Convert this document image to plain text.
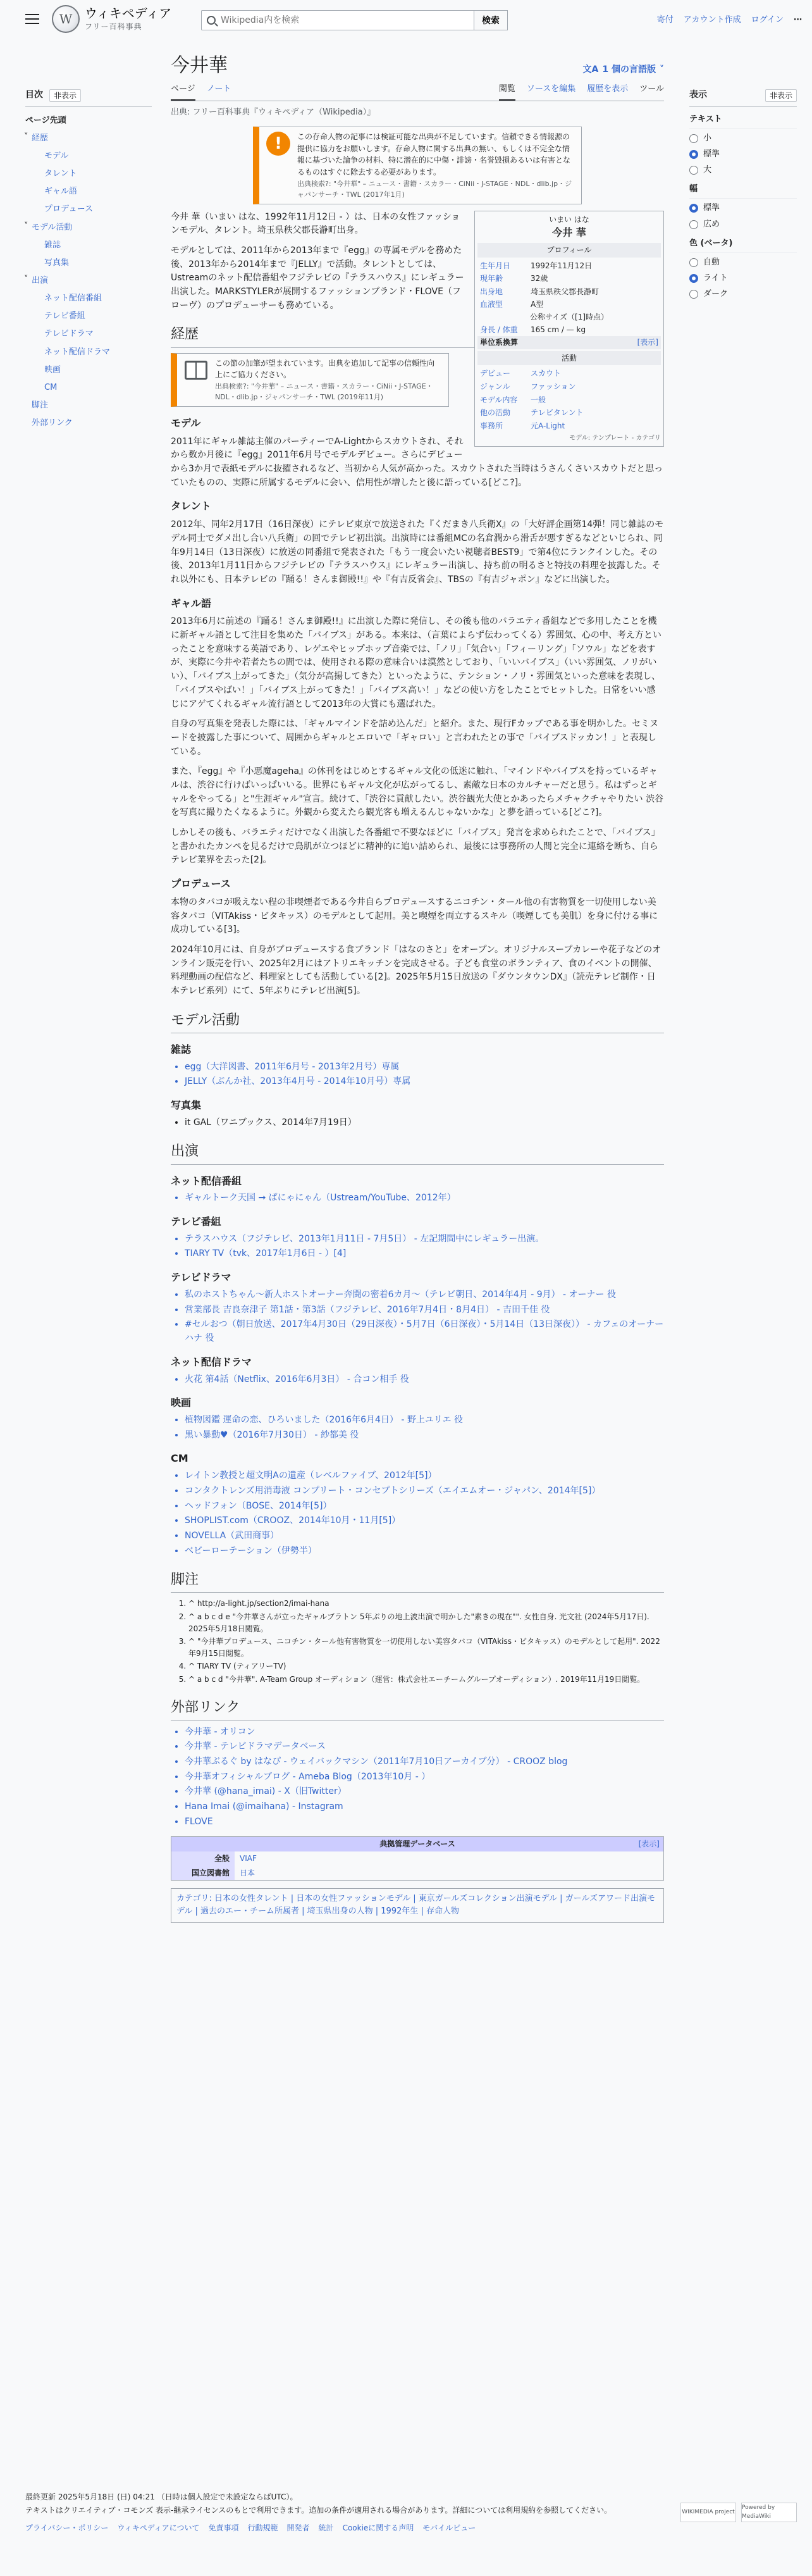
W ウィキペディア
フリー百科事典
Wikipedia内を検索
検索	寄付 アカウント作成 ログイン ⋯
目次	非表示
ページ先頭
˅ 経歴
モデル
タレント
ギャル語
プロデュース
˅ モデル活動
雑誌
写真集
˅ 出演
ネット配信番組
テレビ番組
テレビドラマ
ネット配信ドラマ
映画
CM
脚注
外部リンク
今井華	文A 1 個の言語版 ˅
ページ ノート	閲覧 ソースを編集 履歴を表示 ツール
出典: フリー百科事典『ウィキペディア（Wikipedia）』
!	この存命人物の記事には検証可能な出典が不足しています。信頼できる情報源の提供に協力をお願いします。存命人物に関する出典の無い、もしくは不完全な情報に基づいた論争の材料、特に潜在的に中傷・誹謗・名誉毀損あるいは有害となるものはすぐに除去する必要があります。
出典検索?: "今井華" – ニュース・書籍・スカラー・CiNii・J-STAGE・NDL・dlib.jp・ジャパンサーチ・TWL (2017年1月)
いまい はな
今井 華
プロフィール
生年月日	1992年11月12日
現年齢	32歳
出身地	埼玉県秩父郡長瀞町
血液型	A型
公称サイズ（[1]時点）
身長 / 体重	165 cm / — kg
単位系換算	[表示]
活動
デビュー	スカウト
ジャンル	ファッション
モデル内容	一般
他の活動	テレビタレント
事務所	元A-Light
モデル: テンプレート - カテゴリ

今井 華（いまい はな、1992年11月12日 - ）は、日本の女性ファッションモデル、タレント。埼玉県秩父郡長瀞町出身。

モデルとしては、2011年から2013年まで『egg』の専属モデルを務めた後、2013年から2014年まで『JELLY』で活動。タレントとしては、Ustreamのネット配信番組やフジテレビの『テラスハウス』にレギュラー出演した。MARKSTYLERが展開するファッションブランド・FLOVE（フローヴ）のプロデューサーも務めている。

経歴
この節の加筆が望まれています。出典を追加して記事の信頼性向上にご協力ください。
出典検索?: "今井華" – ニュース・書籍・スカラー・CiNii・J-STAGE・NDL・dlib.jp・ジャパンサーチ・TWL (2019年11月)
モデル

2011年にギャル雑誌主催のパーティーでA-Lightからスカウトされ、それから数か月後に『egg』2011年6月号でモデルデビュー。さらにデビューから3か月で表紙モデルに抜擢されるなど、当初から人気が高かった。スカウトされた当時はうさんくさいスカウトだと思っていたものの、実際に所属するモデルに会い、信用性が増したと後に語っている[どこ?]。

タレント

2012年、同年2月17日（16日深夜）にテレビ東京で放送された『くだまき八兵衛X』の「大好評企画第14弾！同じ雑誌のモデル同士でダメ出し合い八兵衛」の回でテレビ初出演。出演時には番組MCの名倉潤から滑舌が悪すぎるなどといじられ、同年9月14日（13日深夜）に放送の同番組で発表された「もう一度会いたい視聴者BEST9」で第4位にランクインした。その後、2013年1月11日からフジテレビの『テラスハウス』にレギュラー出演し、持ち前の明るさと特技の料理を披露した。それ以外にも、日本テレビの『踊る！さんま御殿!!』や『有吉反省会』、TBSの『有吉ジャポン』などに出演した。

ギャル語

2013年6月に前述の『踊る！さんま御殿!!』に出演した際に発信し、その後も他のバラエティ番組などで多用したことを機に新ギャル語として注目を集めた「バイブス」がある。本来は、（言葉によらず伝わってくる）雰囲気、心の中、考え方といったことを意味する英語であり、レゲエやヒップホップ音楽では、「ノリ」「気合い」「フィーリング」「ソウル」などを表すが、実際に今井や若者たちの間では、使用される際の意味合いは漠然としており、「いいバイブス」（いい雰囲気、ノリがいい）、「バイブス上がってきた」（気分が高揚してきた）といったように、テンション・ノリ・雰囲気といった意味を表現し、「バイブスやばい！」「バイブス上がってきた！」「バイブス高い！」などの使い方をしたことでヒットした。日常をいい感じにアゲてくれるギャル流行語として2013年の大賞にも選ばれた。

自身の写真集を発表した際には、「ギャルマインドを詰め込んだ」と紹介。また、現行Fカップである事を明かした。セミヌードを披露した事について、周囲からギャルとエロいで「ギャロい」と言われたとの事で「バイブスドッカン！」と表現している。

また、『egg』や『小悪魔ageha』の休刊をはじめとするギャル文化の低迷に触れ、「マインドやバイブスを持っているギャルは、渋谷に行けばいっぱいいる。世界にもギャル文化が広がってるし、素敵な日本のカルチャーだと思う。私はずっとギャルをやってる」と"生涯ギャル"宣言。続けて、「渋谷に貢献したい。渋谷観光大使とかあったらメチャクチャやりたい 渋谷を写真に撮りたくなるように。外観から変えたら観光客も増えるんじゃないかな」と夢を語っている[どこ?]。

しかしその後も、バラエティだけでなく出演した各番組で不要なほどに「バイブス」発言を求められたことで、「バイブス」と書かれたカンペを見るだけで鳥肌が立つほどに精神的に追い詰められ、最後には事務所の人間と完全に連絡を断ち、自らテレビ業界を去った[2]。

プロデュース

本物のタバコが吸えない程の非喫煙者である今井自らプロデュースするニコチン・タール他の有害物質を一切使用しない美容タバコ（VITAkiss・ビタキッス）のモデルとして起用。美と喫煙を両立するスキル（喫煙しても美肌）を身に付ける事に成功している[3]。

2024年10月には、自身がプロデュースする食ブランド「はなのさと」をオープン。オリジナルスープカレーや花子などのオンライン販売を行い、2025年2月にはアトリエキッチンを完成させる。子ども食堂のボランティア、食のイベントの開催、料理動画の配信など、料理家としても活動している[2]。2025年5月15日放送の『ダウンタウンDX』（読売テレビ制作・日本テレビ系列）にて、5年ぶりにテレビ出演[5]。

モデル活動
雑誌
• egg（大洋図書、2011年6月号 - 2013年2月号）専属
• JELLY（ぶんか社、2013年4月号 - 2014年10月号）専属
写真集
• it GAL（ワニブックス、2014年7月19日）
出演
ネット配信番組
• ギャルトーク天国 → ぱにゃにゃん（Ustream/YouTube、2012年）
テレビ番組
• テラスハウス（フジテレビ、2013年1月11日 - 7月5日） - 左記期間中にレギュラー出演。
• TIARY TV（tvk、2017年1月6日 - ）[4]
テレビドラマ
• 私のホストちゃん〜新人ホストオーナー奔闘の密着6カ月〜（テレビ朝日、2014年4月 - 9月） - オーナー 役
• 営業部長 吉良奈津子 第1話・第3話（フジテレビ、2016年7月4日・8月4日） - 吉田千佳 役
• #セルおつ（朝日放送、2017年4月30日（29日深夜）・5月7日（6日深夜）・5月14日（13日深夜）） - カフェのオーナーハナ 役
ネット配信ドラマ
• 火花 第4話（Netflix、2016年6月3日） - 合コン相手 役
映画
• 植物図鑑 運命の恋、ひろいました（2016年6月4日） - 野上ユリエ 役
• 黒い暴動♥（2016年7月30日） - 紗都美 役
CM
• レイトン教授と超文明Aの遺産（レベルファイブ、2012年[5]）
• コンタクトレンズ用消毒液 コンプリート・コンセプトシリーズ（エイエムオー・ジャパン、2014年[5]）
• ヘッドフォン（BOSE、2014年[5]）
• SHOPLIST.com（CROOZ、2014年10月・11月[5]）
• NOVELLA（武田商事）
• ベビーローテーション（伊勢半）
脚注
1. ^ http://a-light.jp/section2/imai-hana
2. ^ a b c d e "今井華さんが立ったギャルブラトン 5年ぶりの地上波出演で明かした"素きの現在"". 女性自身. 光文社 (2024年5月17日). 2025年5月18日閲覧。
3. ^ "今井華プロデュース、ニコチン・タール他有害物質を一切使用しない美容タバコ（VITAkiss・ビタキッス）のモデルとして起用". 2022年9月15日閲覧。
4. ^ TIARY TV (ティアリーTV)
5. ^ a b c d "今井華". A-Team Group オーディション（運営：株式会社エーチームグループオーディション）. 2019年11月19日閲覧。
外部リンク
• 今井華 - オリコン
• 今井華 - テレビドラマデータベース
• 今井華ぶるぐ by はなぴ - ウェイバックマシン（2011年7月10日アーカイブ分） - CROOZ blog
• 今井華オフィシャルブログ - Ameba Blog（2013年10月 - ）
• 今井華 (@hana_imai) - X（旧Twitter）
• Hana Imai (@imaihana) - Instagram
• FLOVE
典拠管理データベース	[表示]
全般	VIAF
国立図書館	日本
カテゴリ: 日本の女性タレント | 日本の女性ファッションモデル | 東京ガールズコレクション出演モデル | ガールズアワード出演モデル | 過去のエー・チーム所属者 | 埼玉県出身の人物 | 1992年生 | 存命人物
表示	非表示
テキスト
小
標準
大
幅
標準
広め
色 (ベータ)
自動
ライト
ダーク

最終更新 2025年5月18日 (日) 04:21 （日時は個人設定で未設定ならばUTC）。

テキストはクリエイティブ・コモンズ 表示-継承ライセンスのもとで利用できます。追加の条件が適用される場合があります。詳細については利用規約を参照してください。

プライバシー・ポリシー ウィキペディアについて 免責事項 行動規範 開発者 統計 Cookieに関する声明 モバイルビュー
WIKIMEDIA project
Powered by MediaWiki
